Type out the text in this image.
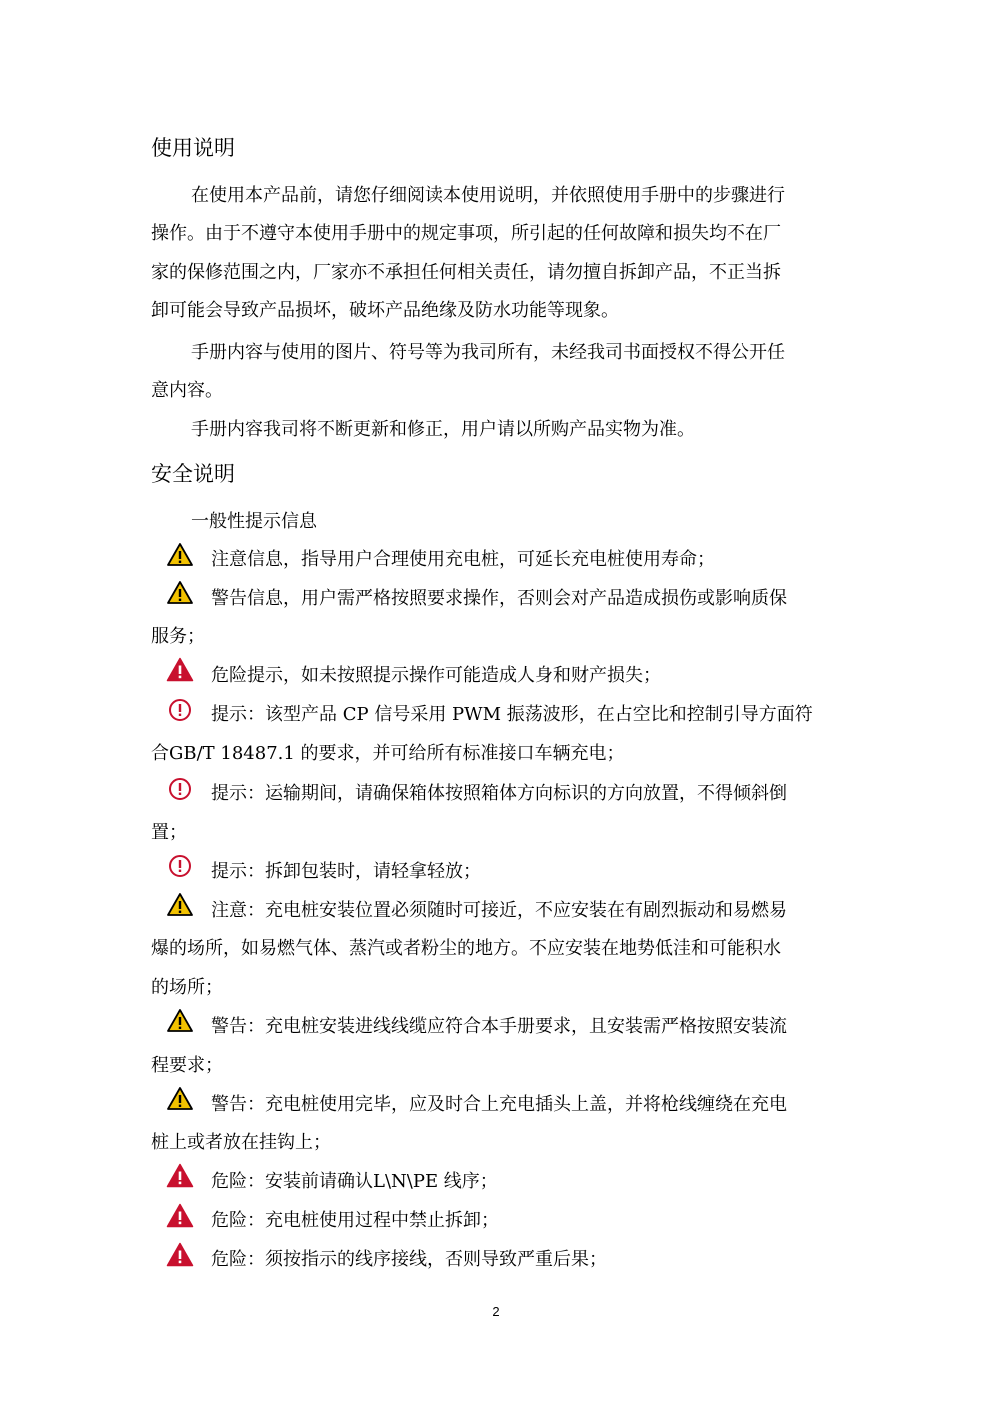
使用说明
在使用本产品前，请您仔细阅读本使用说明，并依照使用手册中的步骤进行
操作。由于不遵守本使用手册中的规定事项，所引起的任何故障和损失均不在厂
家的保修范围之内，厂家亦不承担任何相关责任，请勿擅自拆卸产品，不正当拆
卸可能会导致产品损坏，破坏产品绝缘及防水功能等现象。
手册内容与使用的图片、符号等为我司所有，未经我司书面授权不得公开任
意内容。
手册内容我司将不断更新和修正，用户请以所购产品实物为准。
安全说明
一般性提示信息
注意信息，指导用户合理使用充电桩，可延长充电桩使用寿命；
警告信息，用户需严格按照要求操作，否则会对产品造成损伤或影响质保
服务；
危险提示，如未按照提示操作可能造成人身和财产损失；
提示：该型产品 CP 信号采用 PWM 振荡波形，在占空比和控制引导方面符
合GB/T 18487.1 的要求，并可给所有标准接口车辆充电；
提示：运输期间，请确保箱体按照箱体方向标识的方向放置，不得倾斜倒
置；
提示：拆卸包装时，请轻拿轻放；
注意：充电桩安装位置必须随时可接近，不应安装在有剧烈振动和易燃易
爆的场所，如易燃气体、蒸汽或者粉尘的地方。不应安装在地势低洼和可能积水
的场所；
警告：充电桩安装进线线缆应符合本手册要求，且安装需严格按照安装流
程要求；
警告：充电桩使用完毕，应及时合上充电插头上盖，并将枪线缠绕在充电
桩上或者放在挂钩上；
危险：安装前请确认L\N\PE 线序；
危险：充电桩使用过程中禁止拆卸；
危险：须按指示的线序接线，否则导致严重后果；
2
